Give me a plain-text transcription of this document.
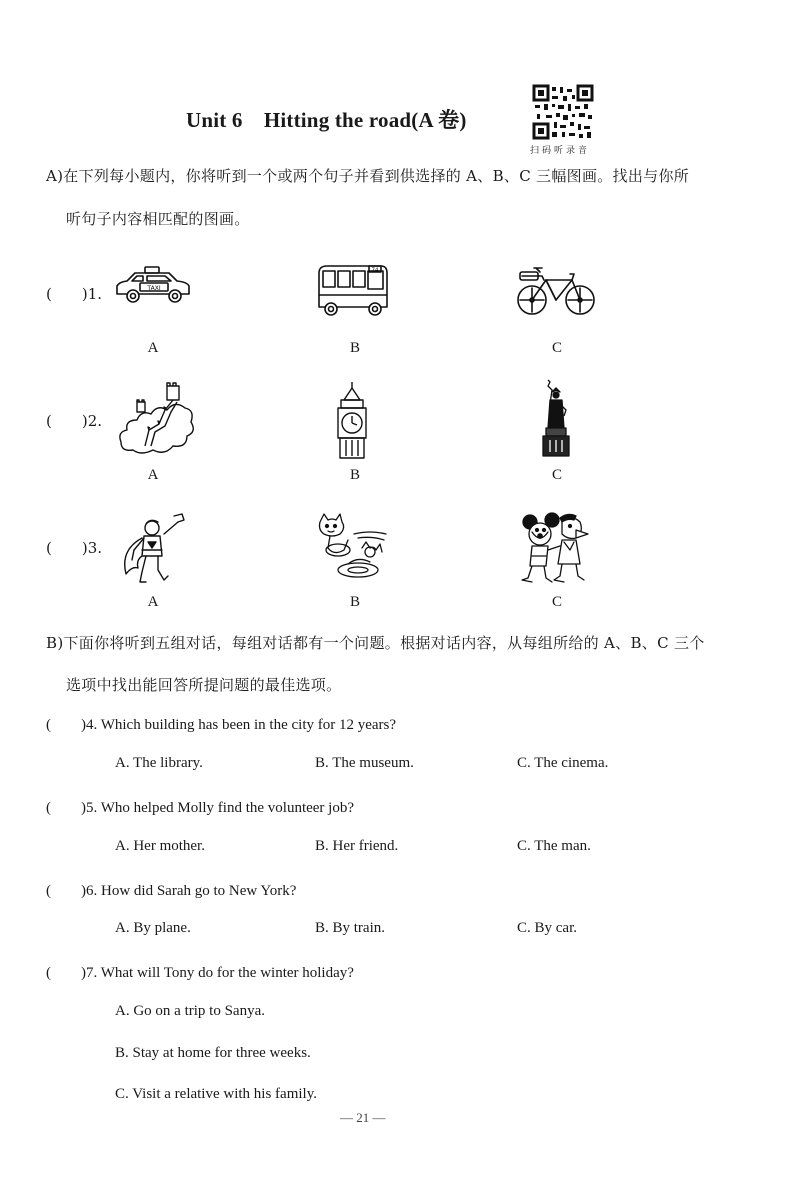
Unit 6　Hitting the road(A 卷)
扫码听录音
A)在下列每小题内，你将听到一个或两个句子并看到供选择的 A、B、C 三幅图画。找出与你所
听句子内容相匹配的图画。
(　　)1.	TAXI
74
A	B	C
(　　)2.
A	B	C
(　　)3.
A	B	C
B)下面你将听到五组对话，每组对话都有一个问题。根据对话内容，从每组所给的 A、B、C 三个
选项中找出能回答所提问题的最佳选项。
(　　)4. Which building has been in the city for 12 years?
A. The library.	B. The museum.	C. The cinema.
(　　)5. Who helped Molly find the volunteer job?
A. Her mother.	B. Her friend.	C. The man.
(　　)6. How did Sarah go to New York?
A. By plane.	B. By train.	C. By car.
(　　)7. What will Tony do for the winter holiday?
A. Go on a trip to Sanya.
B. Stay at home for three weeks.
C. Visit a relative with his family.
— 21 —
